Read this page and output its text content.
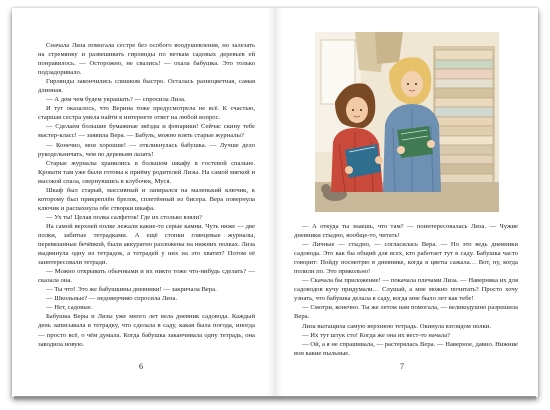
Сначала Лиза помогала сестре без особого воодушевления, но залезать на стремянку и развешивать гирлянды по веткам садовых деревьев ей понравилось. — Осторожно, не свались! — охала бабушка. Это только подзадоривало.

Гирлянды закончились слишком быстро. Осталась разноцветная, самая длинная.

— А дом чем будем украшать? — спросила Лиза.

И тут оказалось, что Верина тоже предусмотрела не всё. К счастью, старшая сестра умела найти в интернете ответ на любой вопрос.

— Сделаем большие бумажные звёзды и фонарики! Сейчас скину тебе мастер-класс! — заявила Вера. — Бабуль, можно взять старые журналы?

— Конечно, мои хорошие! — откликнулась бабушка. — Лучше дело рукодельничать, чем по деревьям лазать!

Старые журналы хранились в большом шкафу в гостевой спальне. Кровати там уже были готовы к приёму родителей Лизы. На самой мягкой и высокой спала, свернувшись в клубочек, Муся.

Шкаф был старый, массивный и запирался на маленький ключик, к которому был прикреплён брелок, сплетённый из бисера. Вера повернула ключик и распахнула обе створки шкафа.

— Ух ты! Целая полка салфеток! Где их столько взяли?

На самой верхней полке лежали какие-то серые камни. Чуть ниже — две полки, забитые тетрадками. А ещё стопки глянцевые журналы, перевязанные бечёвкой, были аккуратно разложены на нижних полках. Лиза выдвинула одну из тетрадок, а тетрадей у них на это хватит? Потом её заинтересовали тетради.

— Можно открывать обычными и их никто тоже что-нибудь сделать? — сказала она.

— Ты что! Это же бабушкины дневники! — закричала Вера.

— Школьные? — недоверчиво спросила Лиза.

— Нет, садовые.

Бабушка Веры и Лизы уже много лет вела дневник садовода. Каждый день записывала в тетрадку, что сделала в саду, какая была погода, иногда — просто всё, о чём думала. Когда бабушка заканчивала одну тетрадь, она заводила новую.

6

— А откуда ты знаешь, что там? — поинтересовалась Лиза. — Чужие дневники стыдно, вообще-то, читать!

— Личные — стыдно, — согласилась Вера. — Но это ведь дневники садовода. Это как бы общий для всех, кто работает тут в саду. Бабушка часто говорит: Пойду посмотрю в дневнике, когда я цветы сажала… Вот, ну, когда полили по. Это прикольно!

— Скачала бы приложение! — покачала плечами Лиза. — Наверняка их для садоводов кучу придумали… Слушай, а мне можно почитать? Просто хочу узнать, что бабушка делала в саду, когда мне было лет как тебе!

— Смотри, конечно. Ты же летом нам помогала, — великодушно разрешила Вера.

Лиза вытащила самую верхнюю тетрадь. Окинула взглядом полки.

— Их тут штук сто! Когда же она их вест-то начала?

— Ой, а я не спрашивала, — растерялась Вера. — Наверное, давно. Нижние вон какие пыльные.

7
